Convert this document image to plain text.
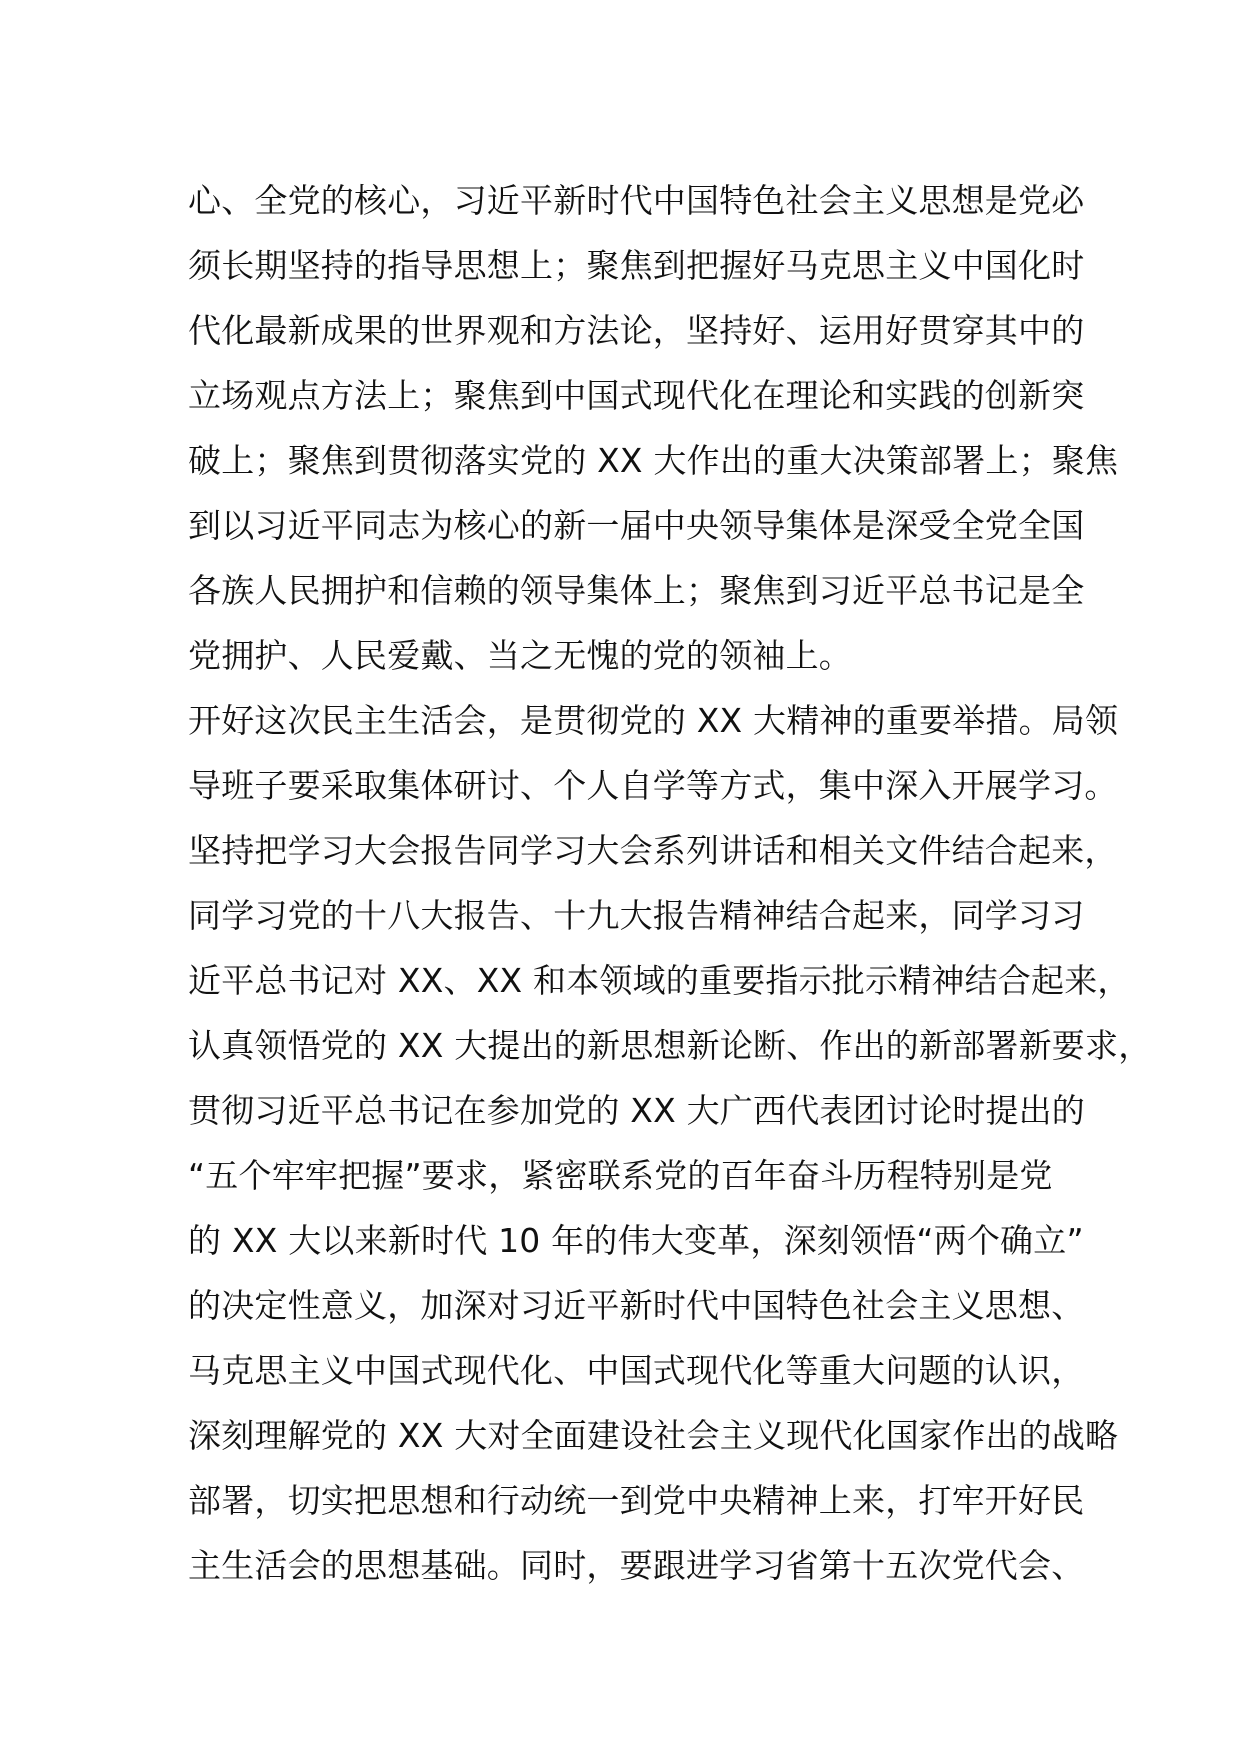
心、全党的核心，习近平新时代中国特色社会主义思想是党必
须长期坚持的指导思想上；聚焦到把握好马克思主义中国化时
代化最新成果的世界观和方法论，坚持好、运用好贯穿其中的
立场观点方法上；聚焦到中国式现代化在理论和实践的创新突
破上；聚焦到贯彻落实党的 XX 大作出的重大决策部署上；聚焦
到以习近平同志为核心的新一届中央领导集体是深受全党全国
各族人民拥护和信赖的领导集体上；聚焦到习近平总书记是全
党拥护、人民爱戴、当之无愧的党的领袖上。
开好这次民主生活会，是贯彻党的 XX 大精神的重要举措。局领
导班子要采取集体研讨、个人自学等方式，集中深入开展学习。
坚持把学习大会报告同学习大会系列讲话和相关文件结合起来，
同学习党的十八大报告、十九大报告精神结合起来，同学习习
近平总书记对 XX、XX 和本领域的重要指示批示精神结合起来，
认真领悟党的 XX 大提出的新思想新论断、作出的新部署新要求，
贯彻习近平总书记在参加党的 XX 大广西代表团讨论时提出的
“五个牢牢把握”要求，紧密联系党的百年奋斗历程特别是党
的 XX 大以来新时代 10 年的伟大变革，深刻领悟“两个确立”
的决定性意义，加深对习近平新时代中国特色社会主义思想、
马克思主义中国式现代化、中国式现代化等重大问题的认识，
深刻理解党的 XX 大对全面建设社会主义现代化国家作出的战略
部署，切实把思想和行动统一到党中央精神上来，打牢开好民
主生活会的思想基础。同时，要跟进学习省第十五次党代会、
